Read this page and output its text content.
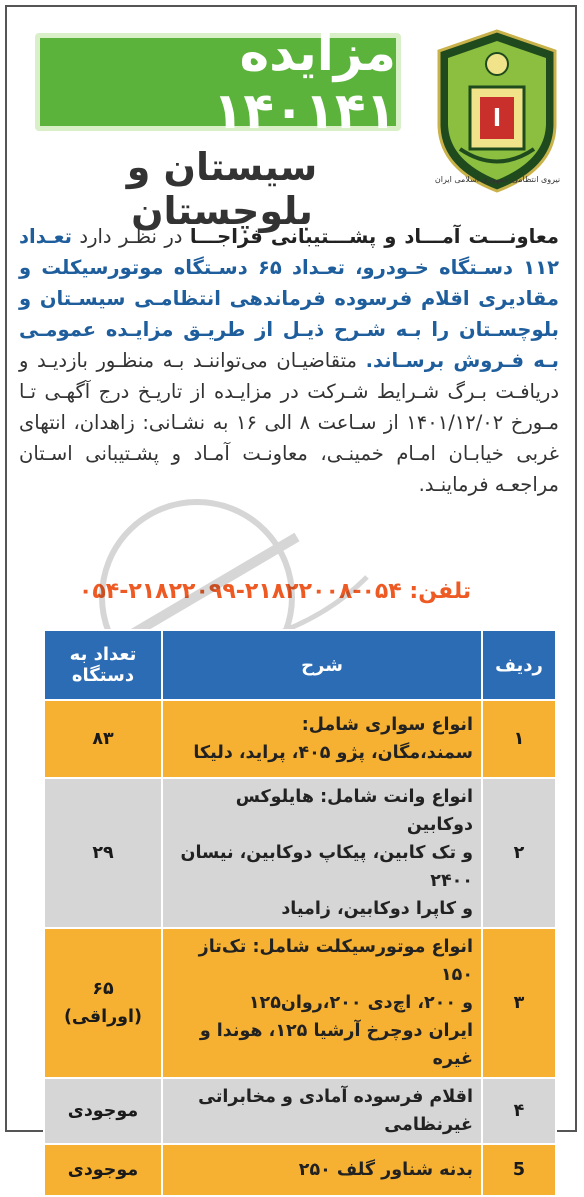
مزایده ۱۴۰۱۴۱
سیستان و بلوچستان
ا
نیروی انتظامی جمهوری اسلامی ایران
معاونـــت آمـــاد و پشـــتیبانی فراجـــا در نظـر دارد تعـداد ۱۱۲ دسـتگاه خـودرو، تعـداد ۶۵ دسـتگاه موتورسیکلت و مقادیری اقلام فرسوده فرماندهی انتظامـی سیسـتان و بلوچسـتان را بـه شـرح ذیـل از طریـق مزایـده عمومـی بـه فـروش برسـاند. متقاضیـان می‌تواننـد بـه منظـور بازدیـد و دریافـت بـرگ شـرایط شـرکت در مزایـده از تاریـخ درج آگهـی تـا مـورخ ۱۴۰۱/۱۲/۰۲ از سـاعت ۸ الی ۱۶ به نشـانی: زاهدان، انتهای غربی خیابـان امـام خمینـی، معاونـت آمـاد و پشـتیبانی اسـتان مراجعـه فرماینـد.
تلفن: ۰۵۴-۲۱۸۲۲۰۰۸-۲۱۸۲۲۰۹۹-۰۵۴
ردیف	شرح	تعداد به دستگاه
۱	انواع سواری شامل:
سمند،مگان، پژو ۴۰۵، پراید، دلیکا	۸۳
۲	انواع وانت شامل: هایلوکس دوکابین
و تک کابین، پیکاپ دوکابین، نیسان ۲۴۰۰
و کاپرا دوکابین، زامیاد	۲۹
۳	انواع موتورسیکلت شامل: تک‌تاز ۱۵۰
و ۲۰۰، اچ‌دی ۲۰۰،روان۱۲۵
ایران دوچرخ آرشیا ۱۲۵، هوندا و غیره	۶۵ (اوراقی)
۴	اقلام فرسوده آمادی و مخابراتی غیرنظامی	موجودی
5	بدنه شناور گلف ۲۵۰	موجودی
